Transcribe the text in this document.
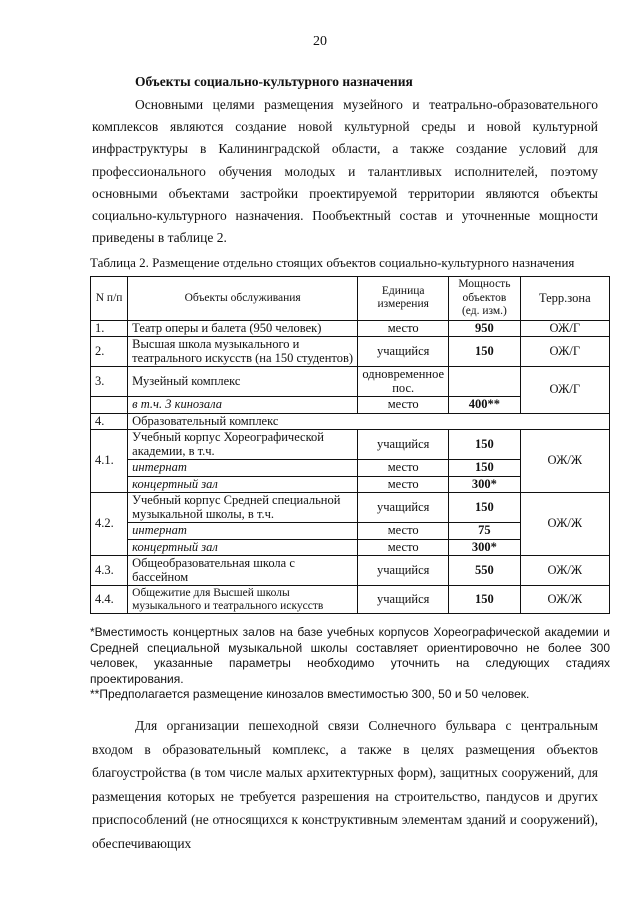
20
Объекты социально-культурного назначения

Основными целями размещения музейного и театрально-образовательного комплексов являются создание новой культурной среды и новой культурной инфраструктуры в Калининградской области, а также создание условий для профессионального обучения молодых и талантливых исполнителей, поэтому основными объектами застройки проектируемой территории являются объекты социально-культурного назначения. Пообъектный состав и уточненные мощности приведены в таблице 2.

Таблица 2. Размещение отдельно стоящих объектов социально-культурного назначения
N п/п	Объекты обслуживания	Единица измерения	Мощность объектов (ед. изм.)	Терр.зона
1.	Театр оперы и балета (950 человек)	место	950	ОЖ/Г
2.	Высшая школа музыкального и театрального искусств (на 150 студентов)	учащийся	150	ОЖ/Г
3.	Музейный комплекс	одновременное пос.		ОЖ/Г
	в т.ч. 3 кинозала	место	400**	
4.	Образовательный комплекс			
4.1.	Учебный корпус Хореографической академии, в т.ч.	учащийся	150	ОЖ/Ж
	интернат	место	150	
	концертный зал	место	300*	
4.2.	Учебный корпус Средней специальной музыкальной школы, в т.ч.	учащийся	150	ОЖ/Ж
	интернат	место	75	
	концертный зал	место	300*	
4.3.	Общеобразовательная школа с бассейном	учащийся	550	ОЖ/Ж
4.4.	Общежитие для Высшей школы музыкального и театрального искусств	учащийся	150	ОЖ/Ж

*Вместимость концертных залов на базе учебных корпусов Хореографической академии и Средней специальной музыкальной школы составляет ориентировочно не более 300 человек, указанные параметры необходимо уточнить на следующих стадиях проектирования.

**Предполагается размещение кинозалов вместимостью 300, 50 и 50 человек.

Для организации пешеходной связи Солнечного бульвара с центральным входом в образовательный комплекс, а также в целях размещения объектов благоустройства (в том числе малых архитектурных форм), защитных сооружений, для размещения которых не требуется разрешения на строительство, пандусов и других приспособлений (не относящихся к конструктивным элементам зданий и сооружений), обеспечивающих
